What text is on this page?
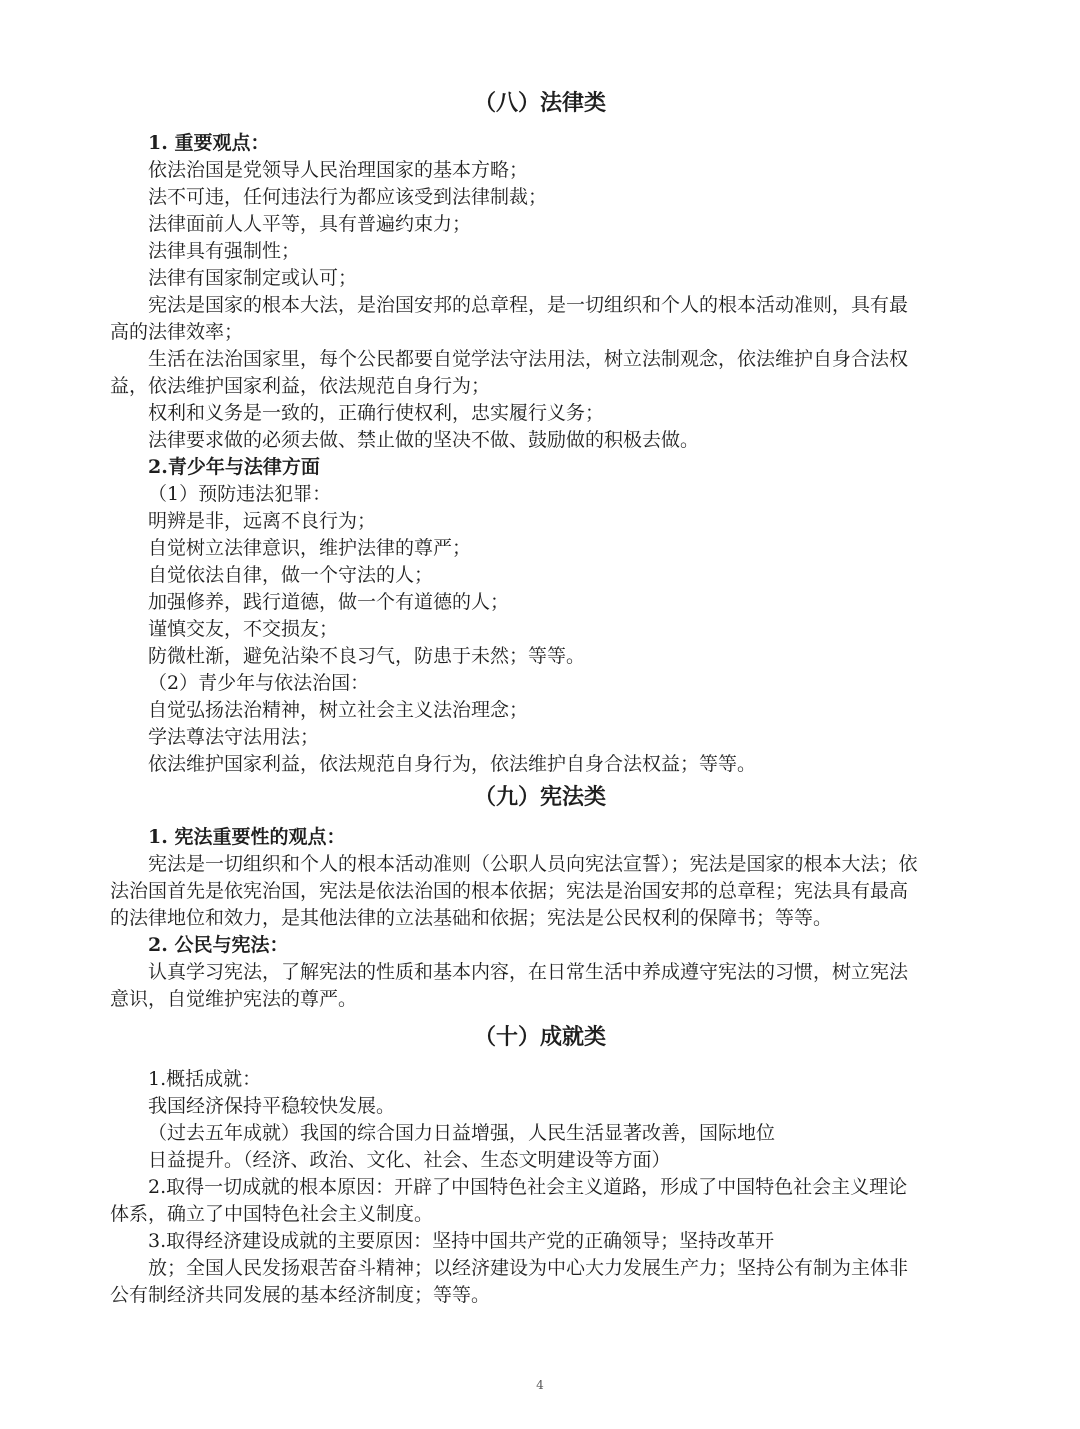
（八）法律类
1. 重要观点：
依法治国是党领导人民治理国家的基本方略；
法不可违，任何违法行为都应该受到法律制裁；
法律面前人人平等，具有普遍约束力；
法律具有强制性；
法律有国家制定或认可；
宪法是国家的根本大法，是治国安邦的总章程，是一切组织和个人的根本活动准则，具有最
高的法律效率；
生活在法治国家里，每个公民都要自觉学法守法用法，树立法制观念，依法维护自身合法权
益，依法维护国家利益，依法规范自身行为；
权利和义务是一致的，正确行使权利，忠实履行义务；
法律要求做的必须去做、禁止做的坚决不做、鼓励做的积极去做。
2.青少年与法律方面
（1）预防违法犯罪：
明辨是非，远离不良行为；
自觉树立法律意识，维护法律的尊严；
自觉依法自律，做一个守法的人；
加强修养，践行道德，做一个有道德的人；
谨慎交友，不交损友；
防微杜渐，避免沾染不良习气，防患于未然；等等。
（2）青少年与依法治国：
自觉弘扬法治精神，树立社会主义法治理念；
学法尊法守法用法；
依法维护国家利益，依法规范自身行为，依法维护自身合法权益；等等。
（九）宪法类
1. 宪法重要性的观点：
宪法是一切组织和个人的根本活动准则（公职人员向宪法宣誓）；宪法是国家的根本大法；依
法治国首先是依宪治国，宪法是依法治国的根本依据；宪法是治国安邦的总章程；宪法具有最高
的法律地位和效力，是其他法律的立法基础和依据；宪法是公民权利的保障书；等等。
2. 公民与宪法：
认真学习宪法，了解宪法的性质和基本内容，在日常生活中养成遵守宪法的习惯，树立宪法
意识，自觉维护宪法的尊严。
（十）成就类
1.概括成就：
我国经济保持平稳较快发展。
（过去五年成就）我国的综合国力日益增强，人民生活显著改善，国际地位
日益提升。（经济、政治、文化、社会、生态文明建设等方面）
2.取得一切成就的根本原因：开辟了中国特色社会主义道路，形成了中国特色社会主义理论
体系，确立了中国特色社会主义制度。
3.取得经济建设成就的主要原因：坚持中国共产党的正确领导；坚持改革开
放；全国人民发扬艰苦奋斗精神；以经济建设为中心大力发展生产力；坚持公有制为主体非
公有制经济共同发展的基本经济制度；等等。
4
